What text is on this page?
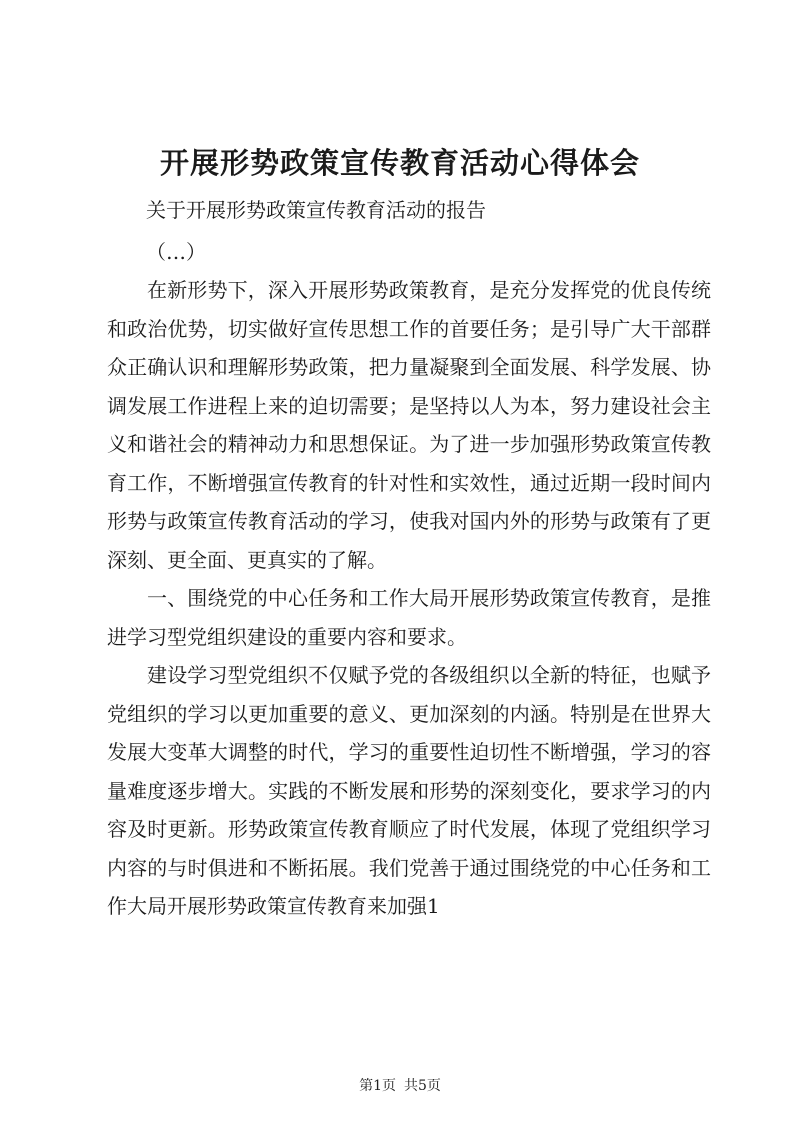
开展形势政策宣传教育活动心得体会
关于开展形势政策宣传教育活动的报告
（…）

在新形势下，深入开展形势政策教育，是充分发挥党的优良传统和政治优势，切实做好宣传思想工作的首要任务；是引导广大干部群众正确认识和理解形势政策，把力量凝聚到全面发展、科学发展、协调发展工作进程上来的迫切需要；是坚持以人为本，努力建设社会主义和谐社会的精神动力和思想保证。为了进一步加强形势政策宣传教育工作，不断增强宣传教育的针对性和实效性，通过近期一段时间内形势与政策宣传教育活动的学习，使我对国内外的形势与政策有了更深刻、更全面、更真实的了解。

一、围绕党的中心任务和工作大局开展形势政策宣传教育，是推进学习型党组织建设的重要内容和要求。

建设学习型党组织不仅赋予党的各级组织以全新的特征，也赋予党组织的学习以更加重要的意义、更加深刻的内涵。特别是在世界大发展大变革大调整的时代，学习的重要性迫切性不断增强，学习的容量难度逐步增大。实践的不断发展和形势的深刻变化，要求学习的内容及时更新。形势政策宣传教育顺应了时代发展，体现了党组织学习内容的与时俱进和不断拓展。我们党善于通过围绕党的中心任务和工作大局开展形势政策宣传教育来加强1

第1页 共5页
